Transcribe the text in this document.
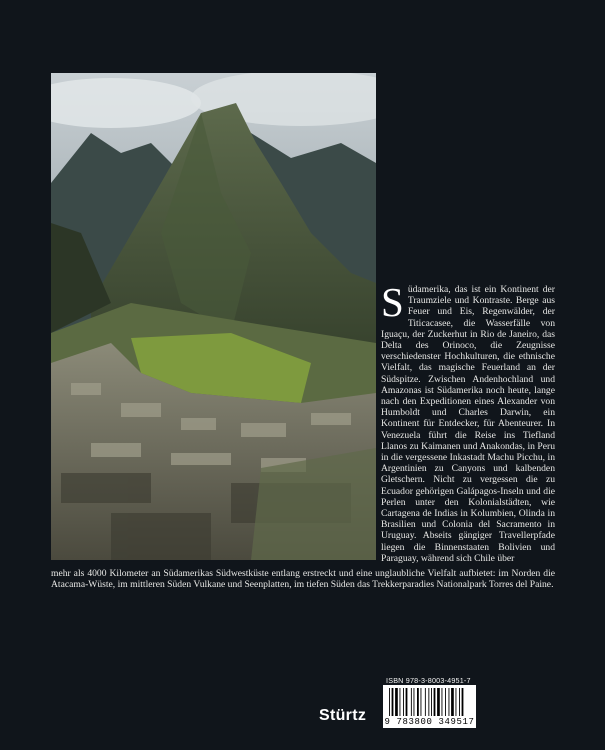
Südamerika, das ist ein Kontinent der Traumziele und Kontraste. Berge aus Feuer und Eis, Regenwälder, der Titicacasee, die Wasserfälle von Iguaçu, der Zuckerhut in Rio de Janeiro, das Delta des Orinoco, die Zeugnisse verschiedenster Hochkulturen, die ethnische Vielfalt, das magische Feuerland an der Südspitze. Zwischen Andenhochland und Amazonas ist Südamerika noch heute, lange nach den Expeditionen eines Alexander von Humboldt und Charles Darwin, ein Kontinent für Entdecker, für Abenteurer. In Venezuela führt die Reise ins Tiefland Llanos zu Kaimanen und Anakondas, in Peru in die vergessene Inkastadt Machu Picchu, in Argentinien zu Canyons und kalbenden Gletschern. Nicht zu vergessen die zu Ecuador gehörigen Galápagos-Inseln und die Perlen unter den Kolonialstädten, wie Cartagena de Indias in Kolumbien, Olinda in Brasilien und Colonia del Sacramento in Uruguay. Abseits gängiger Travellerpfade liegen die Binnenstaaten Bolivien und Paraguay, während sich Chile über
mehr als 4000 Kilometer an Südamerikas Südwestküste entlang erstreckt und eine unglaubliche Vielfalt aufbietet: im Norden die Atacama-Wüste, im mittleren Süden Vulkane und Seenplatten, im tiefen Süden das Trekkerparadies Nationalpark Torres del Paine.
ISBN 978-3-8003-4951-7
9 783800 349517
Stürtz
